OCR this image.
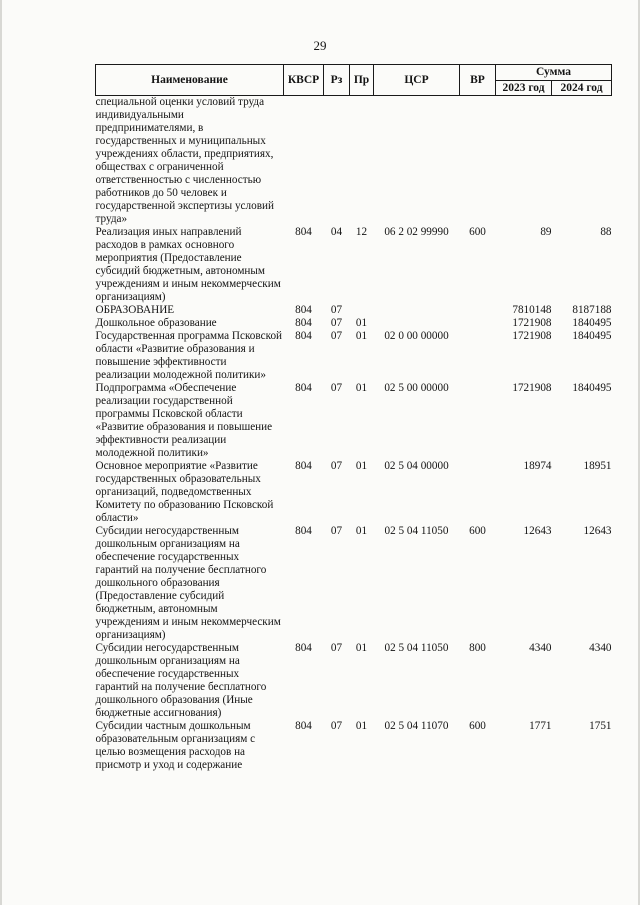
29
Наименование	КВСР	Рз	Пр	ЦСР	ВР	Сумма	
						2023 год	2024 год
специальной оценки условий труда индивидуальными предпринимателями, в государственных и муниципальных учреждениях области, предприятиях, обществах с ограниченной ответственностью с численностью работников до 50 человек и государственной экспертизы условий труда»							
Реализация иных направлений расходов в рамках основного мероприятия (Предоставление субсидий бюджетным, автономным учреждениям и иным некоммерческим организациям)	804	04	12	06 2 02 99990	600	89	88
ОБРАЗОВАНИЕ	804	07				7810148	8187188
Дошкольное образование	804	07	01			1721908	1840495
Государственная программа Псковской области «Развитие образования и повышение эффективности реализации молодежной политики»	804	07	01	02 0 00 00000		1721908	1840495
Подпрограмма «Обеспечение реализации государственной программы Псковской области «Развитие образования и повышение эффективности реализации молодежной политики»	804	07	01	02 5 00 00000		1721908	1840495
Основное мероприятие «Развитие государственных образовательных организаций, подведомственных Комитету по образованию Псковской области»	804	07	01	02 5 04 00000		18974	18951
Субсидии негосударственным дошкольным организациям на обеспечение государственных гарантий на получение бесплатного дошкольного образования (Предоставление субсидий бюджетным, автономным учреждениям и иным некоммерческим организациям)	804	07	01	02 5 04 11050	600	12643	12643
Субсидии негосударственным дошкольным организациям на обеспечение государственных гарантий на получение бесплатного дошкольного образования (Иные бюджетные ассигнования)	804	07	01	02 5 04 11050	800	4340	4340
Субсидии частным дошкольным образовательным организациям с целью возмещения расходов на присмотр и уход и содержание	804	07	01	02 5 04 11070	600	1771	1751
